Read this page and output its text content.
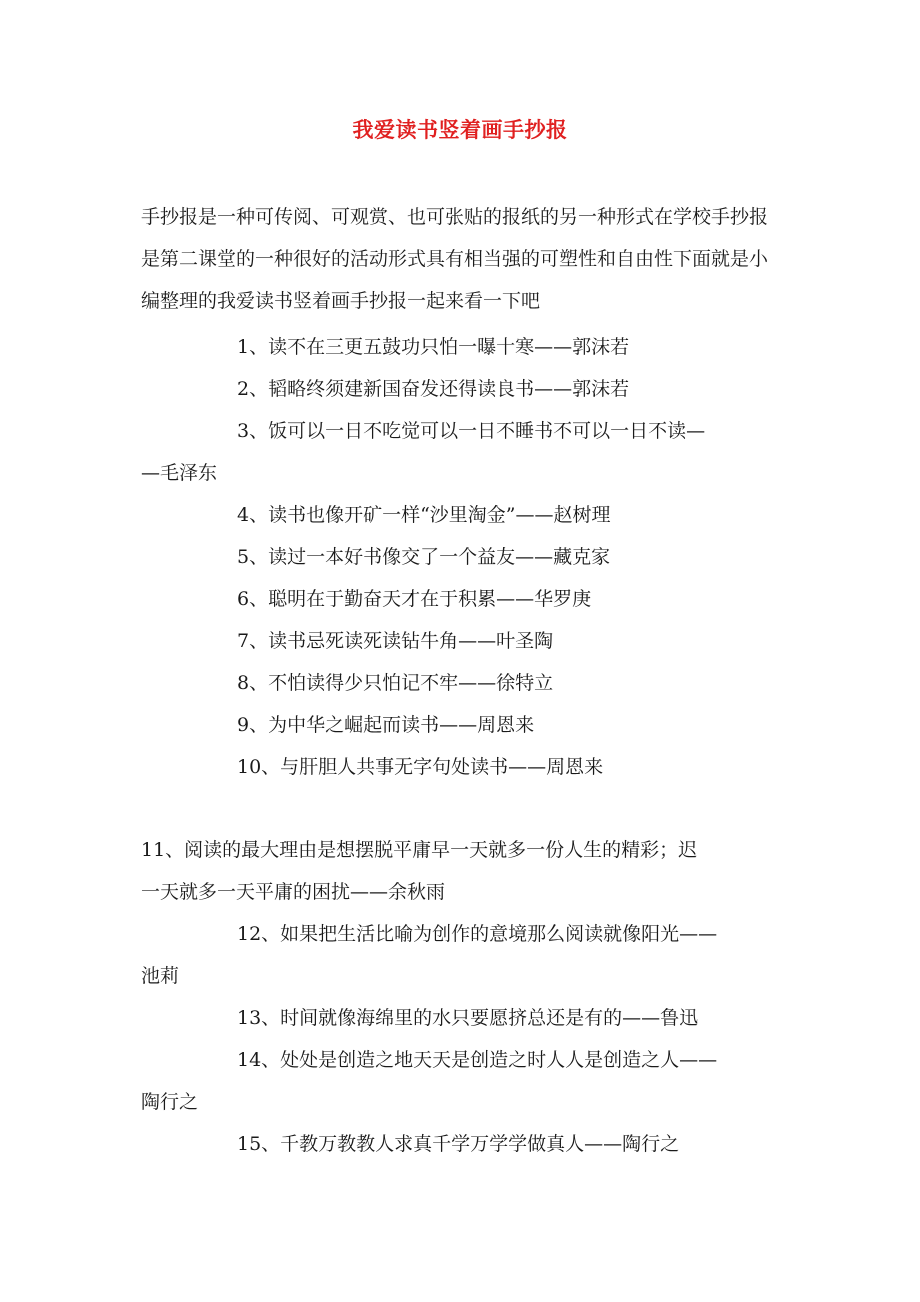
我爱读书竖着画手抄报
手抄报是一种可传阅、可观赏、也可张贴的报纸的另一种形式在学校手抄报是第二课堂的一种很好的活动形式具有相当强的可塑性和自由性下面就是小编整理的我爱读书竖着画手抄报一起来看一下吧
1、读不在三更五鼓功只怕一曝十寒——郭沫若
2、韬略终须建新国奋发还得读良书——郭沫若
3、饭可以一日不吃觉可以一日不睡书不可以一日不读—
—毛泽东
4、读书也像开矿一样“沙里淘金”——赵树理
5、读过一本好书像交了一个益友——藏克家
6、聪明在于勤奋天才在于积累——华罗庚
7、读书忌死读死读钻牛角——叶圣陶
8、不怕读得少只怕记不牢——徐特立
9、为中华之崛起而读书——周恩来
10、与肝胆人共事无字句处读书——周恩来
11、阅读的最大理由是想摆脱平庸早一天就多一份人生的精彩；迟
一天就多一天平庸的困扰——余秋雨
12、如果把生活比喻为创作的意境那么阅读就像阳光——
池莉
13、时间就像海绵里的水只要愿挤总还是有的——鲁迅
14、处处是创造之地天天是创造之时人人是创造之人——
陶行之
15、千教万教教人求真千学万学学做真人——陶行之
